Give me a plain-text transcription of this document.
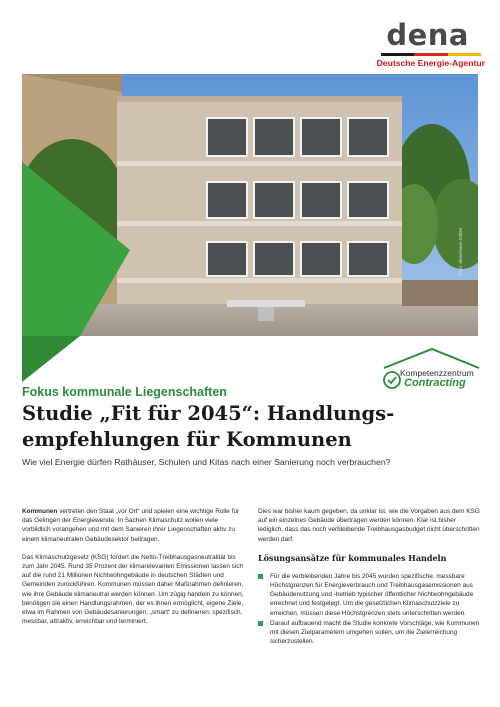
dena
Deutsche Energie-Agentur
Foto: dena/Hans Köhler
Kompetenzzentrum
Contracting
Fokus kommunale Liegenschaften
Studie „Fit für 2045“: Handlungs-
empfehlungen für Kommunen
Wie viel Energie dürfen Rathäuser, Schulen und Kitas nach einer Sanierung noch verbrauchen?

Kommunen vertreten den Staat „vor Ort“ und spielen eine wichtige Rolle für das Gelingen der Energiewende. In Sachen Klimaschutz wollen viele vorbildlich vorangehen und mit dem Sanieren ihrer Liegenschaften aktiv zu einem klimaneutralen Gebäudesektor beitragen.

Das Klimaschutzgesetz (KSG) fordert die Netto-Treibhausgasneutralität bis zum Jahr 2045. Rund 35 Prozent der klimarelevanten Emissionen lassen sich auf die rund 21 Millionen Nichtwohngebäude in deutschen Städten und Gemeinden zurückführen. Kommunen müssen daher Maßnahmen definieren, wie ihre Gebäude klimaneutral werden können. Um zügig handeln zu können, benötigen sie einen Handlungsrahmen, der es ihnen ermöglicht, eigene Ziele, etwa im Rahmen von Gebäudesanierungen, „smart“ zu definieren: spezifisch, messbar, attraktiv, erreichbar und terminiert.

Dies war bisher kaum gegeben, da unklar ist, wie die Vorgaben aus dem KSG auf ein einzelnes Gebäude übertragen werden können. Klar ist bisher lediglich, dass das noch verbleibende Treibhausgasbudget nicht überschritten werden darf.

Lösungsansätze für kommunales Handeln
Für die verbleibenden Jahre bis 2045 wurden spezifische, messbare Höchstgrenzen für Energieverbrauch und Treibhausgasemissionen aus Gebäudenutzung und -betrieb typischer öffentlicher Nichtwohngebäude errechnet und festgelegt. Um die gesetzlichen Klimaschutzziele zu erreichen, müssen diese Höchstgrenzen stets unterschritten werden.
Darauf aufbauend macht die Studie konkrete Vorschläge, wie Kommunen mit diesen Zielparametern umgehen sollen, um die Zielerreichung sicherzustellen.
